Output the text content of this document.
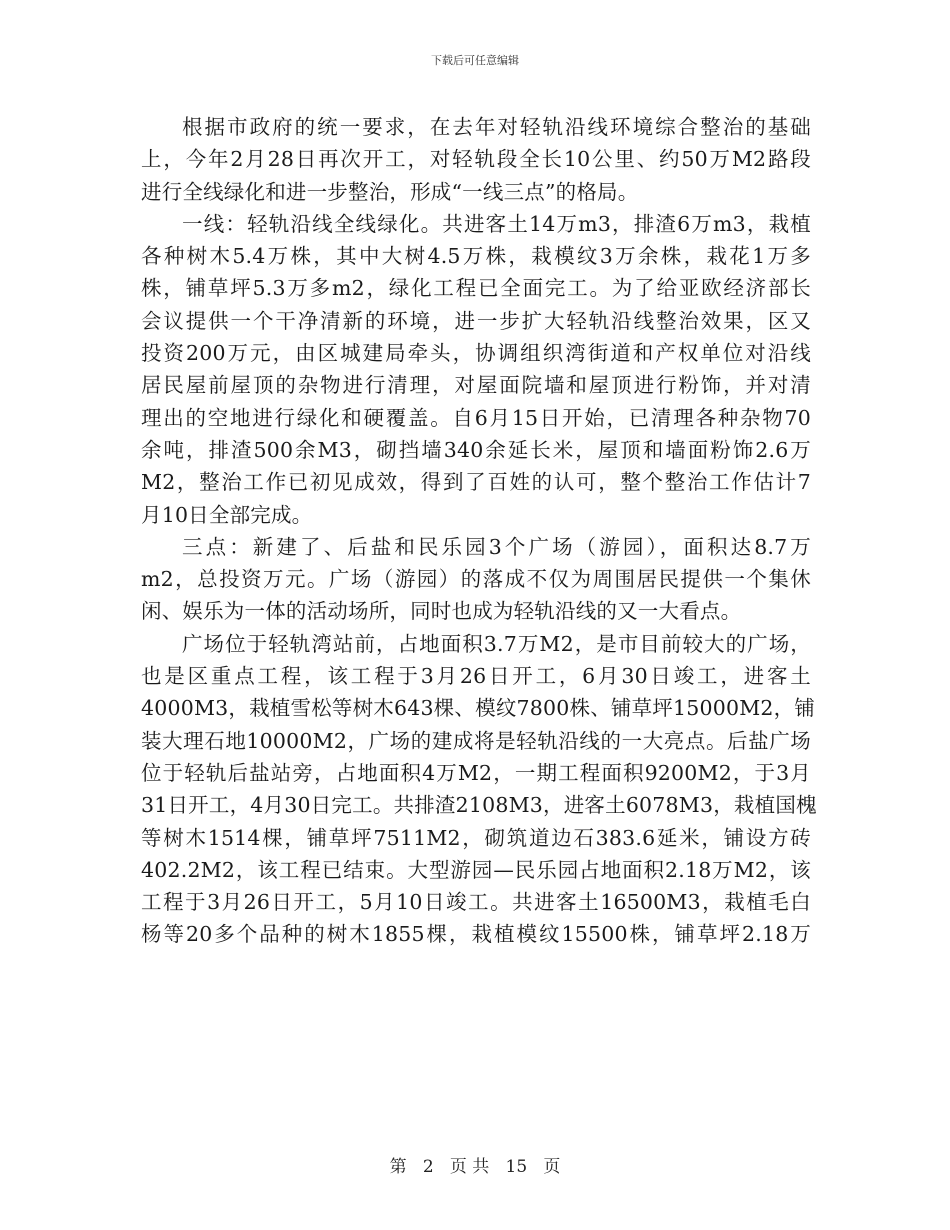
下载后可任意编辑
根据市政府的统一要求，在去年对轻轨沿线环境综合整治的基础
上，今年2月28日再次开工，对轻轨段全长10公里、约50万M2路段
进行全线绿化和进一步整治，形成“一线三点”的格局。
一线：轻轨沿线全线绿化。共进客土14万m3，排渣6万m3，栽植
各种树木5.4万株，其中大树4.5万株，栽模纹3万余株，栽花1万多
株，铺草坪5.3万多m2，绿化工程已全面完工。为了给亚欧经济部长
会议提供一个干净清新的环境，进一步扩大轻轨沿线整治效果，区又
投资200万元，由区城建局牵头，协调组织湾街道和产权单位对沿线
居民屋前屋顶的杂物进行清理，对屋面院墙和屋顶进行粉饰，并对清
理出的空地进行绿化和硬覆盖。自6月15日开始，已清理各种杂物70
余吨，排渣500余M3，砌挡墙340余延长米，屋顶和墙面粉饰2.6万
M2，整治工作已初见成效，得到了百姓的认可，整个整治工作估计7
月10日全部完成。
三点：新建了、后盐和民乐园3个广场（游园），面积达8.7万
m2，总投资万元。广场（游园）的落成不仅为周围居民提供一个集休
闲、娱乐为一体的活动场所，同时也成为轻轨沿线的又一大看点。
广场位于轻轨湾站前，占地面积3.7万M2，是市目前较大的广场，
也是区重点工程，该工程于3月26日开工，6月30日竣工，进客土
4000M3，栽植雪松等树木643棵、模纹7800株、铺草坪15000M2，铺
装大理石地10000M2，广场的建成将是轻轨沿线的一大亮点。后盐广场
位于轻轨后盐站旁，占地面积4万M2，一期工程面积9200M2，于3月
31日开工，4月30日完工。共排渣2108M3，进客土6078M3，栽植国槐
等树木1514棵，铺草坪7511M2，砌筑道边石383.6延米，铺设方砖
402.2M2，该工程已结束。大型游园—民乐园占地面积2.18万M2，该
工程于3月26日开工，5月10日竣工。共进客土16500M3，栽植毛白
杨等20多个品种的树木1855棵，栽植模纹15500株，铺草坪2.18万
第 2 页 共 15 页
